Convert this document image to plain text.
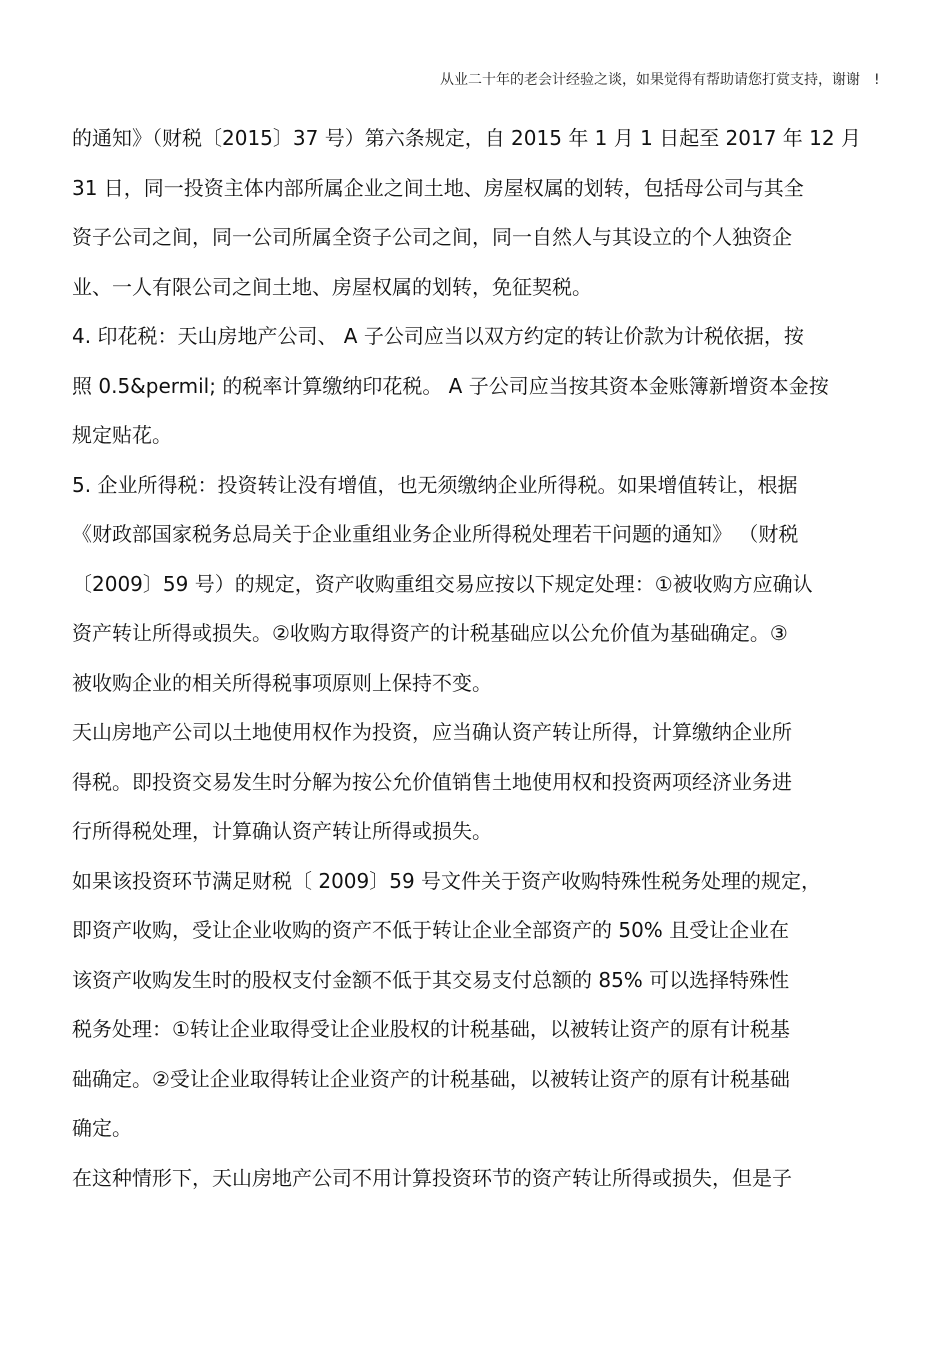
从业二十年的老会计经验之谈，如果觉得有帮助请您打赏支持，谢谢 !
的通知》（财税〔2015〕37 号）第六条规定，自 2015 年 1 月 1 日起至 2017 年 12 月
31 日，同一投资主体内部所属企业之间土地、房屋权属的划转，包括母公司与其全
资子公司之间，同一公司所属全资子公司之间，同一自然人与其设立的个人独资企
业、一人有限公司之间土地、房屋权属的划转，免征契税。
4. 印花税：天山房地产公司、 A 子公司应当以双方约定的转让价款为计税依据，按
照 0.5&permil; 的税率计算缴纳印花税。 A 子公司应当按其资本金账簿新增资本金按
规定贴花。
5. 企业所得税：投资转让没有增值，也无须缴纳企业所得税。如果增值转让，根据
《财政部国家税务总局关于企业重组业务企业所得税处理若干问题的通知》 （财税
〔2009〕59 号）的规定，资产收购重组交易应按以下规定处理：①被收购方应确认
资产转让所得或损失。②收购方取得资产的计税基础应以公允价值为基础确定。③
被收购企业的相关所得税事项原则上保持不变。
天山房地产公司以土地使用权作为投资，应当确认资产转让所得，计算缴纳企业所
得税。即投资交易发生时分解为按公允价值销售土地使用权和投资两项经济业务进
行所得税处理，计算确认资产转让所得或损失。
如果该投资环节满足财税〔 2009〕59 号文件关于资产收购特殊性税务处理的规定，
即资产收购，受让企业收购的资产不低于转让企业全部资产的 50% 且受让企业在
该资产收购发生时的股权支付金额不低于其交易支付总额的 85% 可以选择特殊性
税务处理：①转让企业取得受让企业股权的计税基础，以被转让资产的原有计税基
础确定。②受让企业取得转让企业资产的计税基础，以被转让资产的原有计税基础
确定。
在这种情形下，天山房地产公司不用计算投资环节的资产转让所得或损失，但是子
